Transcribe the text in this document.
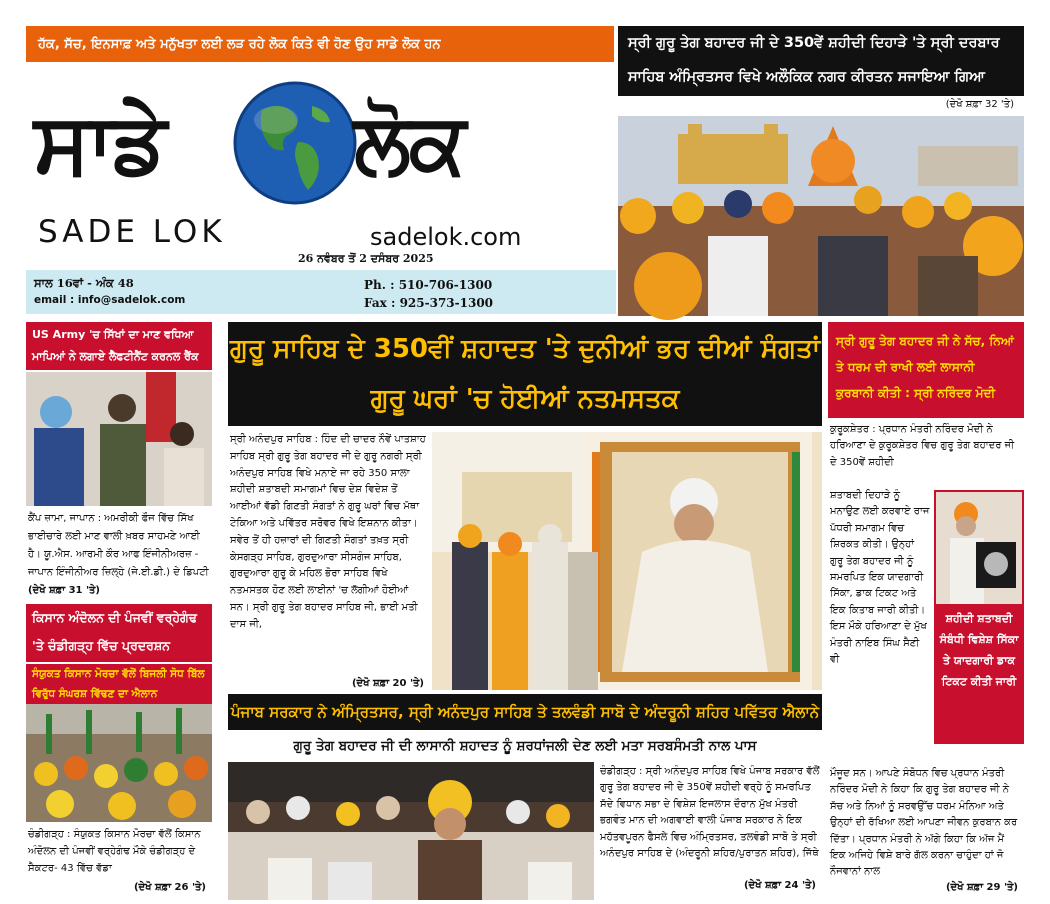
ਹੱਕ, ਸੱਚ, ਇਨਸਾਫ਼ ਅਤੇ ਮਨੁੱਖਤਾ ਲਈ ਲੜ ਰਹੇ ਲੋਕ ਕਿਤੇ ਵੀ ਹੋਣ ਉਹ ਸਾਡੇ ਲੋਕ ਹਨ	ਸ੍ਰੀ ਗੁਰੂ ਤੇਗ ਬਹਾਦਰ ਜੀ ਦੇ 350ਵੇਂ ਸ਼ਹੀਦੀ ਦਿਹਾੜੇ 'ਤੇ ਸ੍ਰੀ ਦਰਬਾਰ ਸਾਹਿਬ ਅੰਮ੍ਰਿਤਸਰ ਵਿਖੇ ਅਲੌਕਿਕ ਨਗਰ ਕੀਰਤਨ ਸਜਾਇਆ ਗਿਆ
(ਦੇਖੋ ਸ਼ਫ਼ਾ 32 'ਤੇ)
ਸਾਡੇ	ਲੋਕ
SADE LOK	sadelok.com
26 ਨਵੰਬਰ ਤੋਂ 2 ਦਸੰਬਰ 2025
ਸਾਲ 16ਵਾਂ - ਅੰਕ 48
email : info@sadelok.com
Ph. : 510-706-1300
Fax : 925-373-1300
US Army 'ਚ ਸਿੱਖਾਂ ਦਾ ਮਾਣ ਵਧਿਆ ਮਾਪਿਆਂ ਨੇ ਲਗਾਏ ਲੈਫਟੀਨੈਂਟ ਕਰਨਲ ਰੈਂਕ
ਕੈਂਪ ਜ਼ਾਮਾ, ਜਾਪਾਨ : ਅਮਰੀਕੀ ਫੌਜ ਵਿੱਚ ਸਿੱਖ ਭਾਈਚਾਰੇ ਲਈ ਮਾਣ ਵਾਲੀ ਖ਼ਬਰ ਸਾਹਮਣੇ ਆਈ ਹੈ। ਯੂ.ਐਸ. ਆਰਮੀ ਕੌਰ ਆਫ ਇੰਜੀਨੀਅਰਜ਼ - ਜਾਪਾਨ ਇੰਜੀਨੀਅਰ ਜ਼ਿਲ੍ਹੇ (ਜੇ.ਈ.ਡੀ.) ਦੇ ਡਿਪਟੀ (ਦੇਖੋ ਸ਼ਫ਼ਾ 31 'ਤੇ)
ਕਿਸਾਨ ਅੰਦੋਲਨ ਦੀ ਪੰਜਵੀਂ ਵਰ੍ਹੇਗੰਢ 'ਤੇ ਚੰਡੀਗੜ੍ਹ ਵਿੱਚ ਪ੍ਰਦਰਸ਼ਨ
ਸੰਯੁਕਤ ਕਿਸਾਨ ਮੋਰਚਾ ਵੱਲੋਂ ਬਿਜਲੀ ਸੋਧ ਬਿੱਲ ਵਿਰੁੱਧ ਸੰਘਰਸ਼ ਵਿੱਢਣ ਦਾ ਐਲਾਨ
ਚੰਡੀਗੜ੍ਹ : ਸੰਯੁਕਤ ਕਿਸਾਨ ਮੋਰਚਾ ਵੱਲੋਂ ਕਿਸਾਨ ਅੰਦੋਲਨ ਦੀ ਪੰਜਵੀਂ ਵਰ੍ਹੇਗੰਢ ਮੌਕੇ ਚੰਡੀਗੜ੍ਹ ਦੇ ਸੈਕਟਰ- 43 ਵਿੱਚ ਵੱਡਾ
(ਦੇਖੋ ਸ਼ਫ਼ਾ 26 'ਤੇ)
ਗੁਰੂ ਸਾਹਿਬ ਦੇ 350ਵੀਂ ਸ਼ਹਾਦਤ 'ਤੇ ਦੁਨੀਆਂ ਭਰ ਦੀਆਂ ਸੰਗਤਾਂ ਗੁਰੂ ਘਰਾਂ 'ਚ ਹੋਈਆਂ ਨਤਮਸਤਕ
ਸ੍ਰੀ ਅਨੰਦਪੁਰ ਸਾਹਿਬ : ਹਿੰਦ ਦੀ ਚਾਦਰ ਨੌਵੇਂ ਪਾਤਸ਼ਾਹ ਸਾਹਿਬ ਸ੍ਰੀ ਗੁਰੂ ਤੇਗ ਬਹਾਦਰ ਜੀ ਦੇ ਗੁਰੂ ਨਗਰੀ ਸ੍ਰੀ ਅਨੰਦਪੁਰ ਸਾਹਿਬ ਵਿਖੇ ਮਨਾਏ ਜਾ ਰਹੇ 350 ਸਾਲਾ ਸ਼ਹੀਦੀ ਸ਼ਤਾਬਦੀ ਸਮਾਗਮਾਂ ਵਿਚ ਦੇਸ਼ ਵਿਦੇਸ਼ ਤੋਂ ਆਈਆਂ ਵੱਡੀ ਗਿਣਤੀ ਸੰਗਤਾਂ ਨੇ ਗੁਰੂ ਘਰਾਂ ਵਿਚ ਮੱਥਾ ਟੇਕਿਆ ਅਤੇ ਪਵਿੱਤਰ ਸਰੋਵਰ ਵਿਖੇ ਇਸ਼ਨਾਨ ਕੀਤਾ। ਸਵੇਰ ਤੋਂ ਹੀ ਹਜ਼ਾਰਾਂ ਦੀ ਗਿਣਤੀ ਸੰਗਤਾਂ ਤਖ਼ਤ ਸ੍ਰੀ ਕੇਸਗੜ੍ਹ ਸਾਹਿਬ, ਗੁਰਦੁਆਰਾ ਸੀਸਗੰਜ ਸਾਹਿਬ, ਗੁਰਦੁਆਰਾ ਗੁਰੂ ਕੇ ਮਹਿਲ ਭੋਰਾ ਸਾਹਿਬ ਵਿਖੇ ਨਤਮਸਤਕ ਹੋਣ ਲਈ ਲਾਈਨਾਂ 'ਚ ਲੱਗੀਆਂ ਹੋਈਆਂ ਸਨ। ਸ੍ਰੀ ਗੁਰੂ ਤੇਗ ਬਹਾਦਰ ਸਾਹਿਬ ਜੀ, ਭਾਈ ਮਤੀ ਦਾਸ ਜੀ,
(ਦੇਖੋ ਸ਼ਫ਼ਾ 20 'ਤੇ)
ਪੰਜਾਬ ਸਰਕਾਰ ਨੇ ਅੰਮ੍ਰਿਤਸਰ, ਸ੍ਰੀ ਅਨੰਦਪੁਰ ਸਾਹਿਬ ਤੇ ਤਲਵੰਡੀ ਸਾਬੋ ਦੇ ਅੰਦਰੂਨੀ ਸ਼ਹਿਰ ਪਵਿੱਤਰ ਐਲਾਨੇ
ਗੁਰੂ ਤੇਗ ਬਹਾਦਰ ਜੀ ਦੀ ਲਾਸਾਨੀ ਸ਼ਹਾਦਤ ਨੂੰ ਸ਼ਰਧਾਂਜਲੀ ਦੇਣ ਲਈ ਮਤਾ ਸਰਬਸੰਮਤੀ ਨਾਲ ਪਾਸ
ਚੰਡੀਗੜ੍ਹ : ਸ੍ਰੀ ਅਨੰਦਪੁਰ ਸਾਹਿਬ ਵਿਖੇ ਪੰਜਾਬ ਸਰਕਾਰ ਵੱਲੋਂ ਗੁਰੂ ਤੇਗ ਬਹਾਦਰ ਜੀ ਦੇ 350ਵੇਂ ਸ਼ਹੀਦੀ ਵਰ੍ਹੇ ਨੂੰ ਸਮਰਪਿਤ ਸੱਦੇ ਵਿਧਾਨ ਸਭਾ ਦੇ ਵਿਸ਼ੇਸ਼ ਇਜਲਾਸ ਦੌਰਾਨ ਮੁੱਖ ਮੰਤਰੀ ਭਗਵੰਤ ਮਾਨ ਦੀ ਅਗਵਾਈ ਵਾਲੀ ਪੰਜਾਬ ਸਰਕਾਰ ਨੇ ਇਕ ਮਹੱਤਵਪੂਰਨ ਫੈਸਲੇ ਵਿਚ ਅੰਮ੍ਰਿਤਸਰ, ਤਲਵੰਡੀ ਸਾਬੋ ਤੇ ਸ੍ਰੀ ਅਨੰਦਪੁਰ ਸਾਹਿਬ ਦੇ (ਅੰਦਰੂਨੀ ਸ਼ਹਿਰ/ਪੁਰਾਤਨ ਸ਼ਹਿਰ), ਜਿੱਥੇ
(ਦੇਖੋ ਸ਼ਫ਼ਾ 24 'ਤੇ)
ਸ੍ਰੀ ਗੁਰੂ ਤੇਗ ਬਹਾਦਰ ਜੀ ਨੇ ਸੱਚ, ਨਿਆਂ ਤੇ ਧਰਮ ਦੀ ਰਾਖੀ ਲਈ ਲਾਸਾਨੀ ਕੁਰਬਾਨੀ ਕੀਤੀ : ਸ੍ਰੀ ਨਰਿੰਦਰ ਮੋਦੀ
ਕੁਰੂਕਸ਼ੇਤਰ : ਪ੍ਰਧਾਨ ਮੰਤਰੀ ਨਰਿੰਦਰ ਮੋਦੀ ਨੇ ਹਰਿਆਣਾ ਦੇ ਕੁਰੂਕਸ਼ੇਤਰ ਵਿਚ ਗੁਰੂ ਤੇਗ ਬਹਾਦਰ ਜੀ ਦੇ 350ਵੇਂ ਸ਼ਹੀਦੀ
ਸ਼ਤਾਬਦੀ ਦਿਹਾੜੇ ਨੂੰ ਮਨਾਉਣ ਲਈ ਕਰਵਾਏ ਰਾਜ ਪੱਧਰੀ ਸਮਾਗਮ ਵਿਚ ਸ਼ਿਰਕਤ ਕੀਤੀ। ਉਨ੍ਹਾਂ ਗੁਰੂ ਤੇਗ ਬਹਾਦਰ ਜੀ ਨੂੰ ਸਮਰਪਿਤ ਇਕ ਯਾਦਗਾਰੀ ਸਿੱਕਾ, ਡਾਕ ਟਿਕਟ ਅਤੇ ਇਕ ਕਿਤਾਬ ਜਾਰੀ ਕੀਤੀ। ਇਸ ਮੌਕੇ ਹਰਿਆਣਾ ਦੇ ਮੁੱਖ ਮੰਤਰੀ ਨਾਇਬ ਸਿੰਘ ਸੈਣੀ ਵੀ
ਸ਼ਹੀਦੀ ਸ਼ਤਾਬਦੀ ਸੰਬੰਧੀ ਵਿਸ਼ੇਸ਼ ਸਿੱਕਾ ਤੇ ਯਾਦਗਾਰੀ ਡਾਕ ਟਿਕਟ ਕੀਤੀ ਜਾਰੀ
ਮੌਜੂਦ ਸਨ। ਆਪਣੇ ਸੰਬੋਧਨ ਵਿਚ ਪ੍ਰਧਾਨ ਮੰਤਰੀ ਨਰਿੰਦਰ ਮੋਦੀ ਨੇ ਕਿਹਾ ਕਿ ਗੁਰੂ ਤੇਗ ਬਹਾਦਰ ਜੀ ਨੇ ਸੱਚ ਅਤੇ ਨਿਆਂ ਨੂੰ ਸਰਵਉੱਚ ਧਰਮ ਮੰਨਿਆ ਅਤੇ ਉਨ੍ਹਾਂ ਦੀ ਰੱਖਿਆ ਲਈ ਆਪਣਾ ਜੀਵਨ ਕੁਰਬਾਨ ਕਰ ਦਿੱਤਾ। ਪ੍ਰਧਾਨ ਮੰਤਰੀ ਨੇ ਅੱਗੇ ਕਿਹਾ ਕਿ ਅੱਜ ਮੈਂ ਇਕ ਅਜਿਹੇ ਵਿਸ਼ੇ ਬਾਰੇ ਗੱਲ ਕਰਨਾ ਚਾਹੁੰਦਾ ਹਾਂ ਜੋ ਨੌਜਵਾਨਾਂ ਨਾਲ
(ਦੇਖੋ ਸ਼ਫ਼ਾ 29 'ਤੇ)
